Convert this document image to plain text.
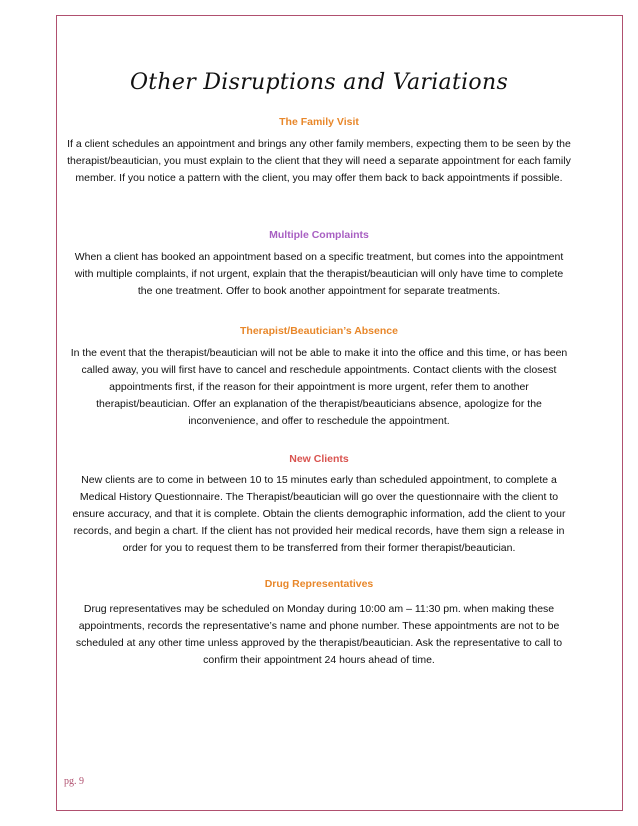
Other Disruptions and Variations
The Family Visit
If a client schedules an appointment and brings any other family members, expecting them to be seen by the therapist/beautician, you must explain to the client that they will need a separate appointment for each family member. If you notice a pattern with the client, you may offer them back to back appointments if possible.
Multiple Complaints
When a client has booked an appointment based on a specific treatment, but comes into the appointment with multiple complaints, if not urgent, explain that the therapist/beautician will only have time to complete the one treatment. Offer to book another appointment for separate treatments.
Therapist/Beautician’s Absence
In the event that the therapist/beautician will not be able to make it into the office and this time, or has been called away, you will first have to cancel and reschedule appointments. Contact clients with the closest appointments first, if the reason for their appointment is more urgent, refer them to another therapist/beautician. Offer an explanation of the therapist/beauticians absence, apologize for the inconvenience, and offer to reschedule the appointment.
New Clients
New clients are to come in between 10 to 15 minutes early than scheduled appointment, to complete a Medical History Questionnaire. The Therapist/beautician will go over the questionnaire with the client to ensure accuracy, and that it is complete. Obtain the clients demographic information, add the client to your records, and begin a chart. If the client has not provided heir medical records, have them sign a release in order for you to request them to be transferred from their former therapist/beautician.
Drug Representatives
Drug representatives may be scheduled on Monday during 10:00 am – 11:30 pm. when making these appointments, records the representative’s name and phone number. These appointments are not to be scheduled at any other time unless approved by the therapist/beautician. Ask the representative to call to confirm their appointment 24 hours ahead of time.
pg. 9
